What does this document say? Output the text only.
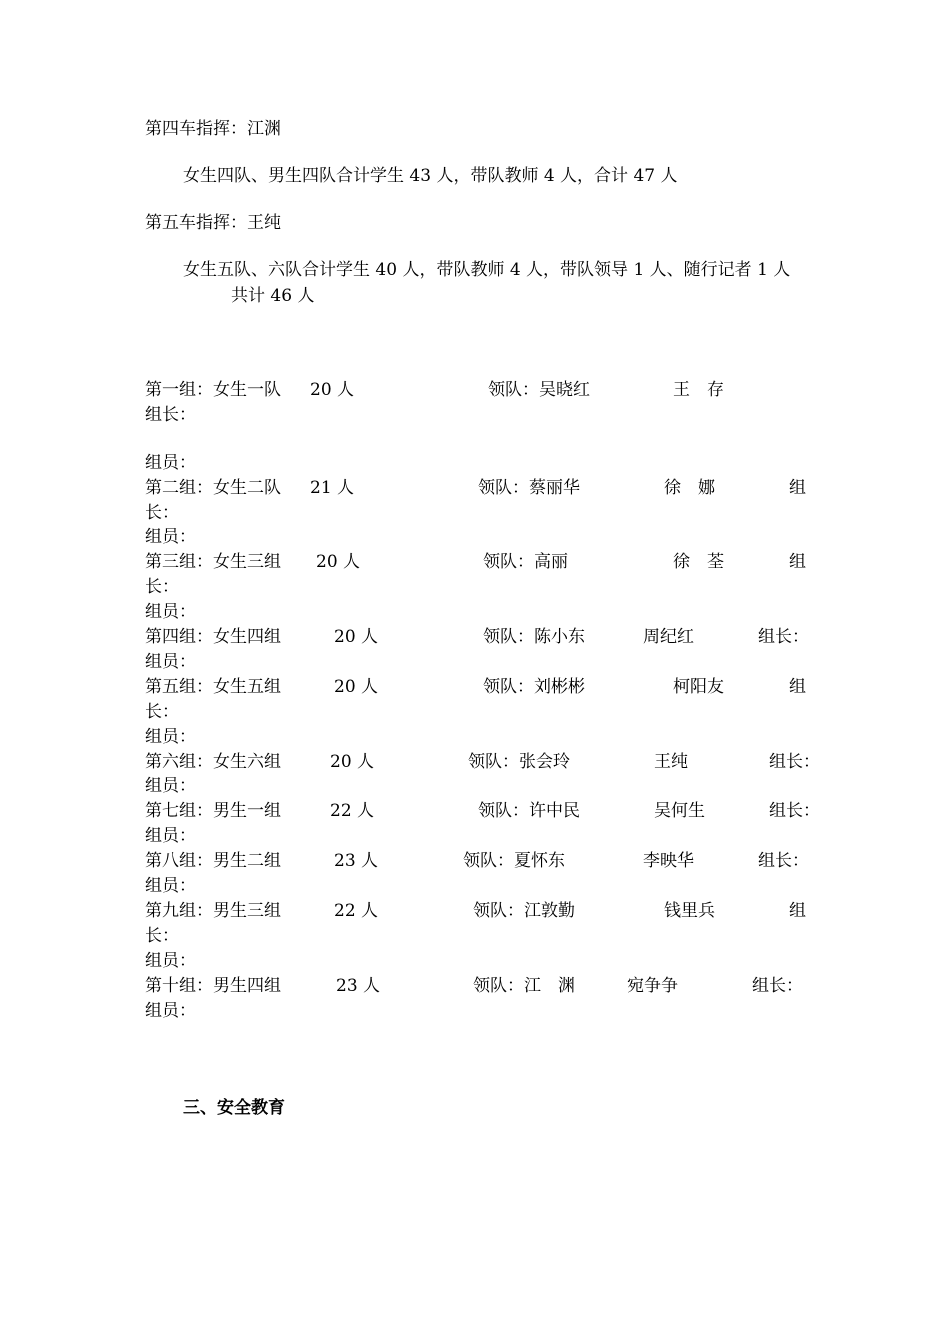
第四车指挥：江渊
女生四队、男生四队合计学生 43 人，带队教师 4 人，合计 47 人
第五车指挥：王纯
女生五队、六队合计学生 40 人，带队教师 4 人，带队领导 1 人、随行记者 1 人
共计 46 人
第一组：女生一队 20 人	领队：吴晓红	王　存
组长：
组员：
第二组：女生二队 21 人	领队：蔡丽华	徐　娜	组
长：
组员：
第三组：女生三组 20 人	领队：高丽	徐　荃	组
长：
组员：
第四组：女生四组	20 人	领队：陈小东	周纪红	组长：
组员：
第五组：女生五组	20 人	领队：刘彬彬	柯阳友	组
长：
组员：
第六组：女生六组	20 人	领队：张会玲	王纯	组长：
组员：
第七组：男生一组	22 人	领队：许中民	吴何生	组长：
组员：
第八组：男生二组	23 人	领队：夏怀东	李映华	组长：
组员：
第九组：男生三组	22 人	领队：江敦勤	钱里兵	组
长：
组员：
第十组：男生四组	23 人	领队：江　渊	宛争争	组长：
组员：
三、安全教育
